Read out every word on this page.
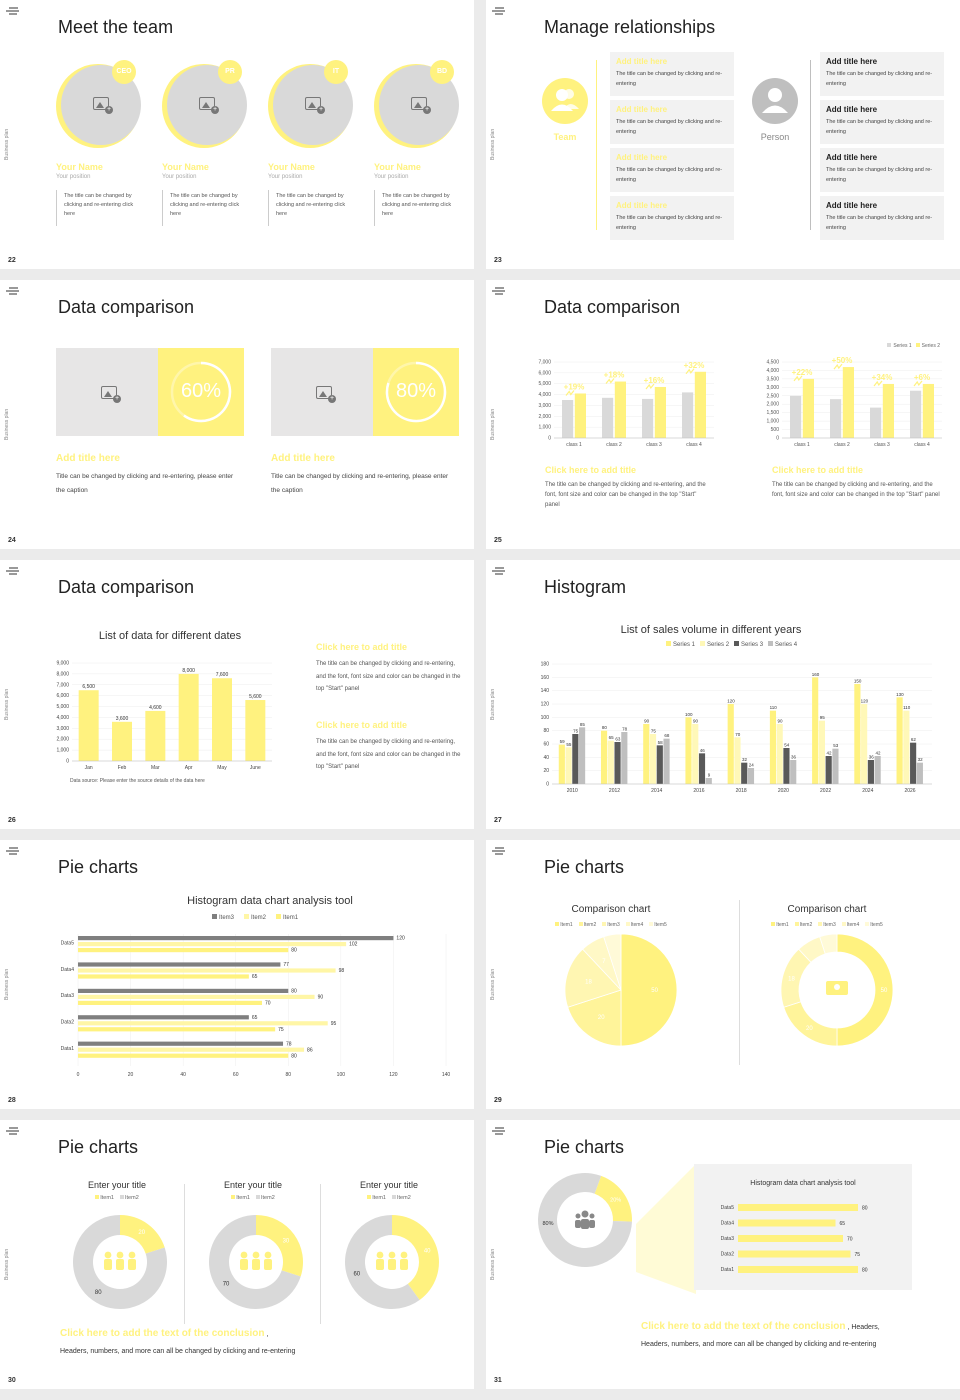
Business plan
Meet the team
+
CEO
Your Name
Your position
The title can be changed by clicking and re-entering click here
+
PR
Your Name
Your position
The title can be changed by clicking and re-entering click here
+
IT
Your Name
Your position
The title can be changed by clicking and re-entering click here
+
BD
Your Name
Your position
The title can be changed by clicking and re-entering click here
22
Business plan
Manage relationships
Team
Add title here
The title can be changed by clicking and re-entering
Add title here
The title can be changed by clicking and re-entering
Add title here
The title can be changed by clicking and re-entering
Add title here
The title can be changed by clicking and re-entering
Person
Add title here
The title can be changed by clicking and re-entering
Add title here
The title can be changed by clicking and re-entering
Add title here
The title can be changed by clicking and re-entering
Add title here
The title can be changed by clicking and re-entering
23
Business plan
Data comparison
+
60%
Add title here
Title can be changed by clicking and re-entering, please enter the caption
+
80%
Add title here
Title can be changed by clicking and re-entering, please enter the caption
24
Business plan
Data comparison
0
1,000
2,000
3,000
4,000
5,000
6,000
7,000
class 1
+19%
class 2
+18%
class 3
+16%
class 4
+32%
0
500
1,000
1,500
2,000
2,500
3,000
3,500
4,000
4,500
class 1
+22%
class 2
+50%
class 3
+34%
class 4
+6%
Series 1 Series 2
Click here to add title
The title can be changed by clicking and re-entering, and the font, font size and color can be changed in the top "Start" panel
Click here to add title
The title can be changed by clicking and re-entering, and the font, font size and color can be changed in the top "Start" panel
25
Business plan
Data comparison
List of data for different dates
0
1,000
2,000
3,000
4,000
5,000
6,000
7,000
8,000
9,000
6,500
Jan
3,600
Feb
4,600
Mar
8,000
Apr
7,600
May
5,600
June
Data source: Please enter the source details of the data here
Click here to add title
The title can be changed by clicking and re-entering, and the font, font size and color can be changed in the top "Start" panel
Click here to add title
The title can be changed by clicking and re-entering, and the font, font size and color can be changed in the top "Start" panel
26
Business plan
Histogram
List of sales volume in different years
Series 1 Series 2 Series 3 Series 4
0
20
40
60
80
100
120
140
160
180
59
55
75
85
2010
80
65 63
78
2012
90
75
58
68
2014
100
90
46
9
2016
120
70
32
24
2018
110
90
54
36
2020
160
95
42
53
2022
150
120
36
42
2024
130
110
62
32
2026
27
Business plan
Pie charts
Histogram data chart analysis tool
Item3	Item2	Item1
0	20	40	60	80	100	120	140
120
102
80
Data5
77
98
65
Data4
80
90
70
Data3
65
95
75
Data2
78
86
80
Data1
28
Business plan
Pie charts
Comparison chart
Item1 Item2 Item3 Item4 Item5
50
20
18
7
Comparison chart
Item1 Item2 Item3 Item4 Item5
50
20
18
29
Business plan
Pie charts
Enter your title
Item1 Item2
20
80
Enter your title
Item1 Item2
30
70
Enter your title
Item1 Item2
40
60
Click here to add the text of the conclusion ,
Headers, numbers, and more can all be changed by clicking and re-entering
30
Business plan
Pie charts
20%
80%
Histogram data chart analysis tool
Data5	80
Data4	65
Data3	70
Data2	75
Data1	80
Click here to add the text of the conclusion , Headers,
Headers, numbers, and more can all be changed by clicking and re-entering
31
